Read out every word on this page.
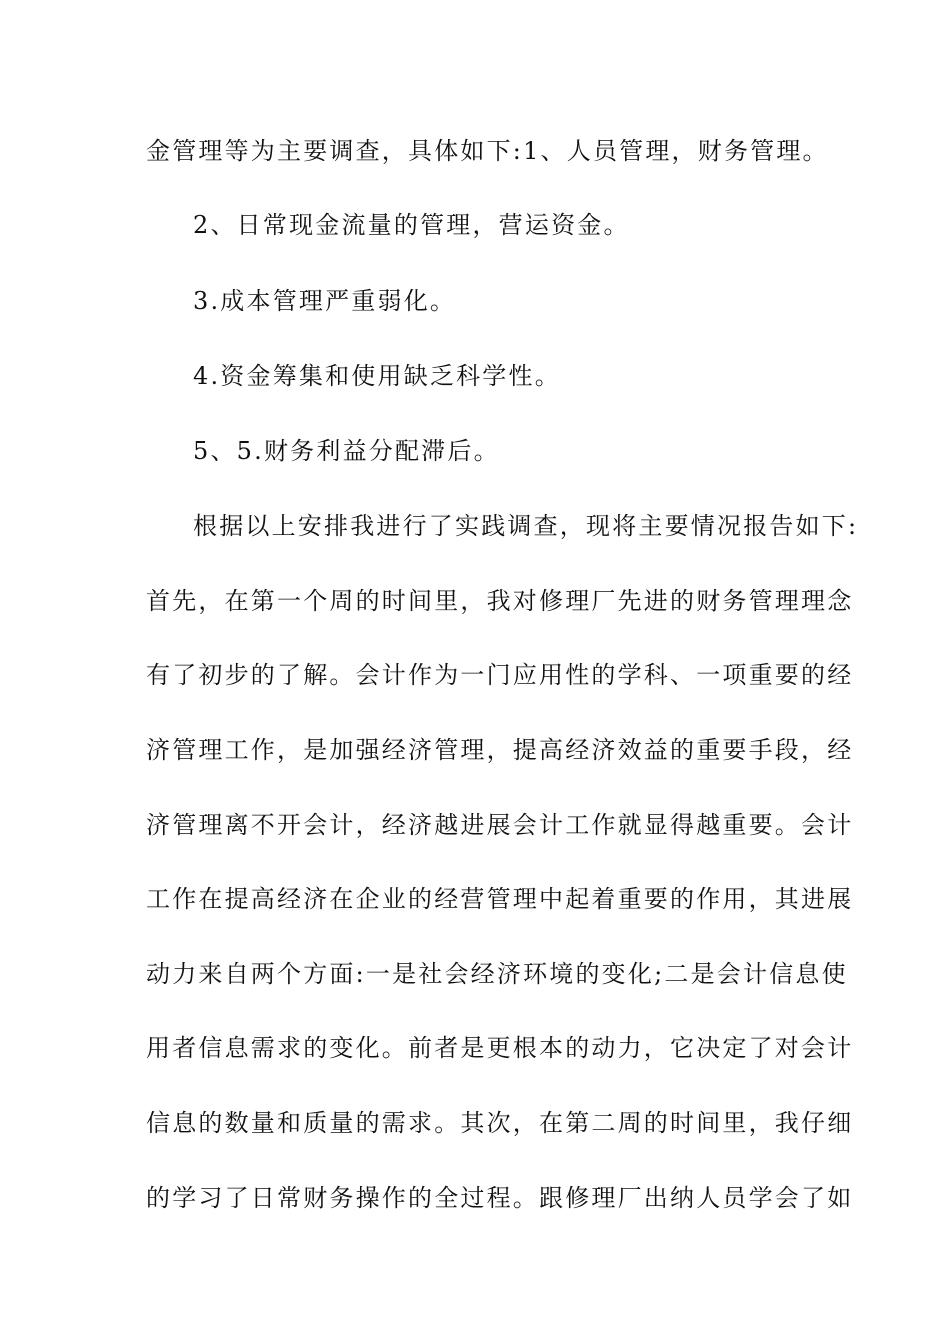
金管理等为主要调查，具体如下:1、人员管理，财务管理。
2、日常现金流量的管理，营运资金。
3.成本管理严重弱化。
4.资金筹集和使用缺乏科学性。
5、5.财务利益分配滞后。
根据以上安排我进行了实践调查，现将主要情况报告如下:
首先，在第一个周的时间里，我对修理厂先进的财务管理理念
有了初步的了解。会计作为一门应用性的学科、一项重要的经
济管理工作，是加强经济管理，提高经济效益的重要手段，经
济管理离不开会计，经济越进展会计工作就显得越重要。会计
工作在提高经济在企业的经营管理中起着重要的作用，其进展
动力来自两个方面:一是社会经济环境的变化;二是会计信息使
用者信息需求的变化。前者是更根本的动力，它决定了对会计
信息的数量和质量的需求。其次，在第二周的时间里，我仔细
的学习了日常财务操作的全过程。跟修理厂出纳人员学会了如
